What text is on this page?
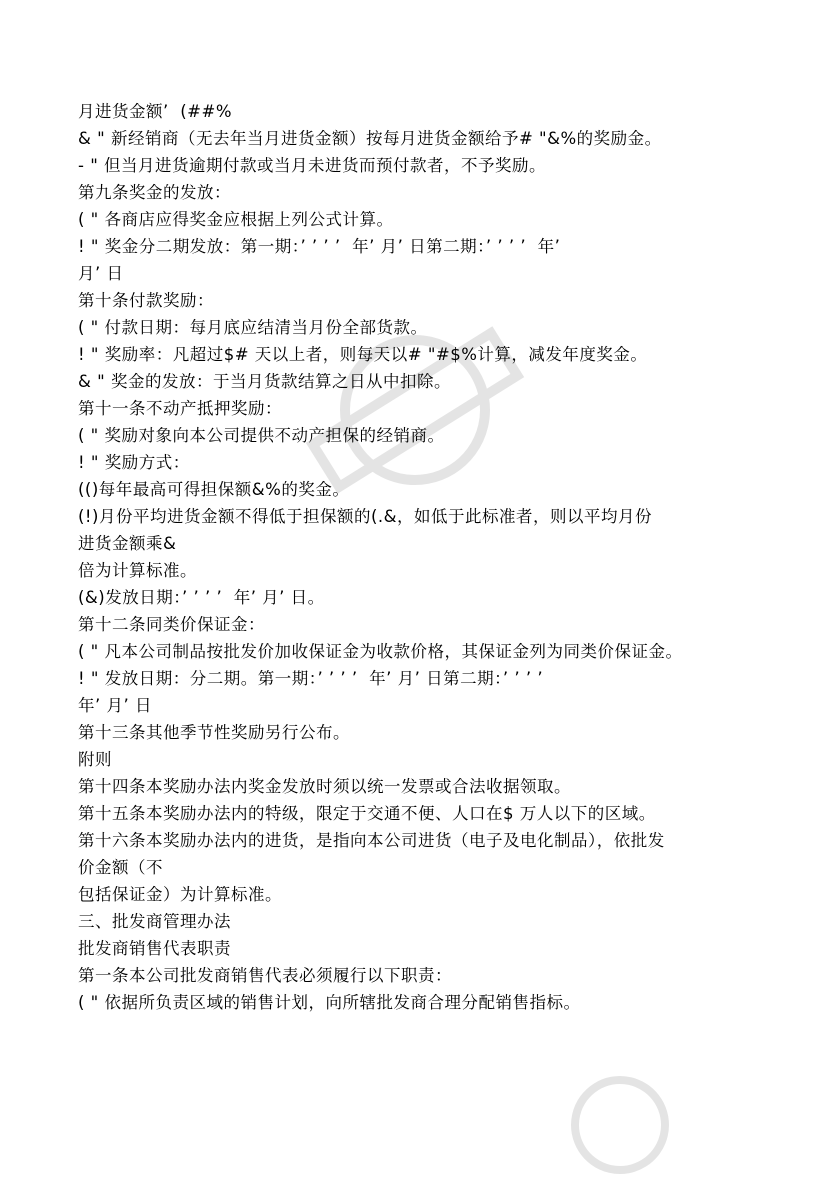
月进货金额’  (##%
& " 新经销商（无去年当月进货金额）按每月进货金额给予# "&%的奖励金。
- " 但当月进货逾期付款或当月未进货而预付款者，不予奖励。
第九条奖金的发放：
( " 各商店应得奖金应根据上列公式计算。
! " 奖金分二期发放：第一期：’ ’ ’ ’  年’ 月’ 日第二期：’ ’ ’ ’  年’
月’ 日
第十条付款奖励：
( " 付款日期：每月底应结清当月份全部货款。
! " 奖励率：凡超过$# 天以上者，则每天以# "#$%计算，减发年度奖金。
& " 奖金的发放：于当月货款结算之日从中扣除。
第十一条不动产抵押奖励：
( " 奖励对象向本公司提供不动产担保的经销商。
! " 奖励方式：
(()每年最高可得担保额&%的奖金。
(!)月份平均进货金额不得低于担保额的(.&，如低于此标准者，则以平均月份
进货金额乘&
倍为计算标准。
(&)发放日期：’ ’ ’ ’  年’ 月’ 日。
第十二条同类价保证金：
( " 凡本公司制品按批发价加收保证金为收款价格，其保证金列为同类价保证金。
! " 发放日期：分二期。第一期：’ ’ ’ ’  年’ 月’ 日第二期：’ ’ ’ ’
年’ 月’ 日
第十三条其他季节性奖励另行公布。
附则
第十四条本奖励办法内奖金发放时须以统一发票或合法收据领取。
第十五条本奖励办法内的特级，限定于交通不便、人口在$ 万人以下的区域。
第十六条本奖励办法内的进货，是指向本公司进货（电子及电化制品），依批发
价金额（不
包括保证金）为计算标准。
三、批发商管理办法
批发商销售代表职责
第一条本公司批发商销售代表必须履行以下职责：
( " 依据所负责区域的销售计划，向所辖批发商合理分配销售指标。
